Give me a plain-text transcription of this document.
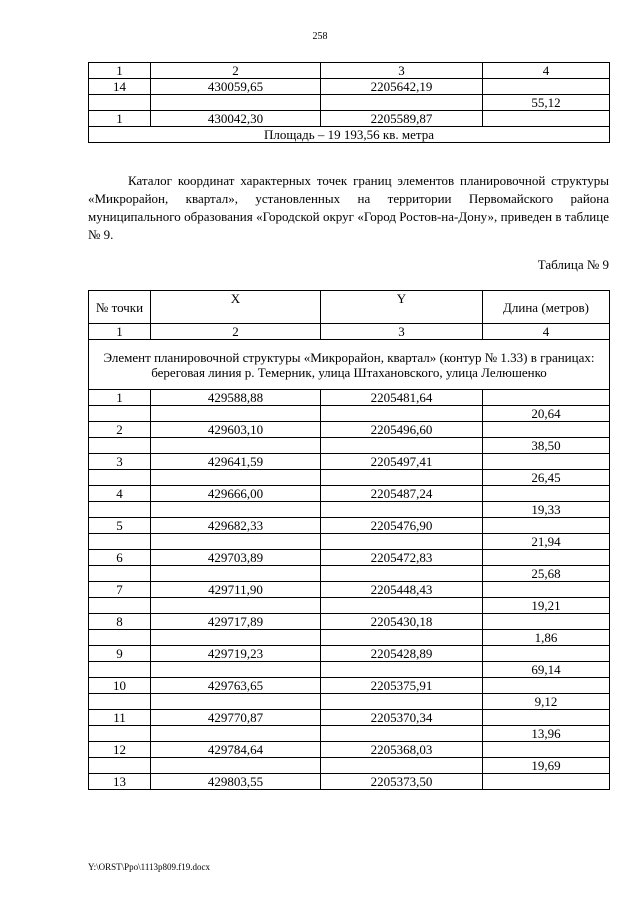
258
1	2	3	4
14	430059,65	2205642,19	
			55,12
1	430042,30	2205589,87	
Площадь – 19 193,56 кв. метра			

Каталог координат характерных точек границ элементов планировочной структуры «Микрорайон, квартал», установленных на территории Первомайского района муниципального образования «Городской округ «Город Ростов-на-Дону», приведен в таблице № 9.

Таблица № 9
№ точки	X	Y	Длина (метров)
1	2	3	4
Элемент планировочной структуры «Микрорайон, квартал» (контур № 1.33) в границах: береговая линия р. Темерник, улица Штахановского, улица Лелюшенко			
1	429588,88	2205481,64	
			20,64
2	429603,10	2205496,60	
			38,50
3	429641,59	2205497,41	
			26,45
4	429666,00	2205487,24	
			19,33
5	429682,33	2205476,90	
			21,94
6	429703,89	2205472,83	
			25,68
7	429711,90	2205448,43	
			19,21
8	429717,89	2205430,18	
			1,86
9	429719,23	2205428,89	
			69,14
10	429763,65	2205375,91	
			9,12
11	429770,87	2205370,34	
			13,96
12	429784,64	2205368,03	
			19,69
13	429803,55	2205373,50	
Y:\ORST\Ppo\1113p809.f19.docx
